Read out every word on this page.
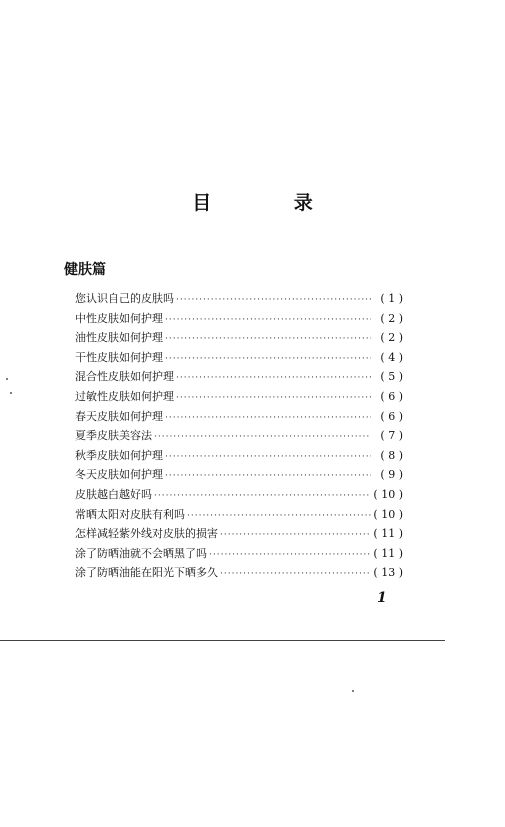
目 录
健肤篇
您认识自己的皮肤吗 ·····	( 1 )
中性皮肤如何护理 ·····	( 2 )
油性皮肤如何护理 ·····	( 2 )
干性皮肤如何护理 ·····	( 4 )
混合性皮肤如何护理 ·····	( 5 )
过敏性皮肤如何护理 ·····	( 6 )
春天皮肤如何护理 ·····	( 6 )
夏季皮肤美容法 ·····	( 7 )
秋季皮肤如何护理 ·····	( 8 )
冬天皮肤如何护理 ·····	( 9 )
皮肤越白越好吗 ·····	( 10 )
常晒太阳对皮肤有利吗 ·····	( 10 )
怎样减轻紫外线对皮肤的损害 ·····	( 11 )
涂了防晒油就不会晒黑了吗 ·····	( 11 )
涂了防晒油能在阳光下晒多久 ·····	( 13 )
1
